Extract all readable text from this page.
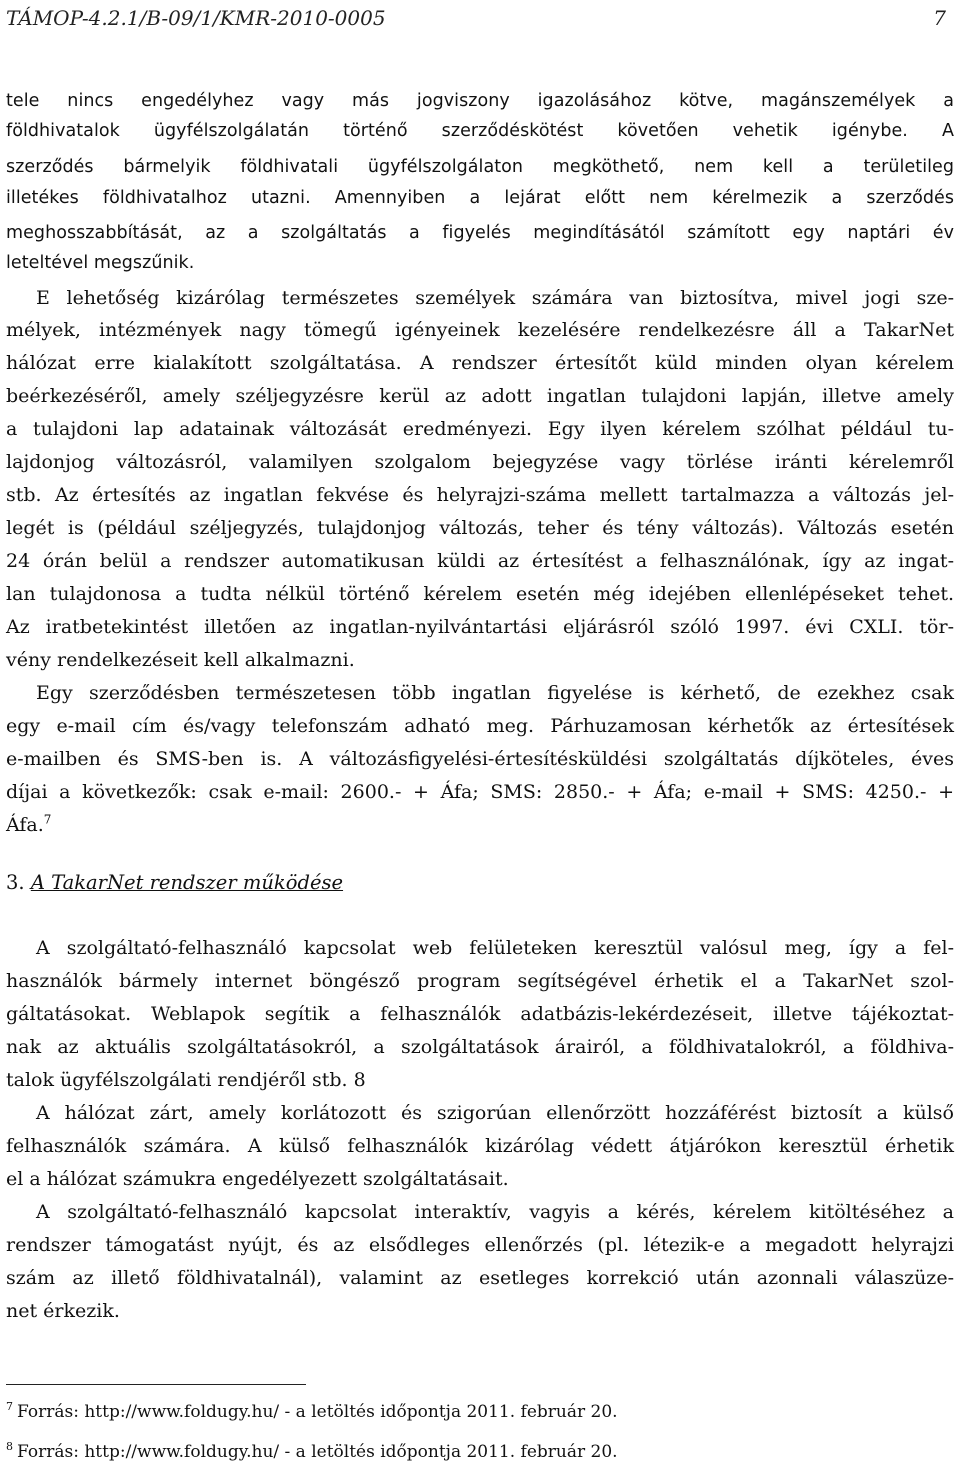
TÁMOP-4.2.1/B-09/1/KMR-2010-0005	7
tele nincs engedélyhez vagy más jogviszony igazolásához kötve, magánszemélyek a
földhivatalok ügyfélszolgálatán történő szerződéskötést követően vehetik igénybe. A
szerződés bármelyik földhivatali ügyfélszolgálaton megköthető, nem kell a területileg
illetékes földhivatalhoz utazni. Amennyiben a lejárat előtt nem kérelmezik a szerződés
meghosszabbítását, az a szolgáltatás a figyelés megindításától számított egy naptári év
leteltével megszűnik.
E lehetőség kizárólag természetes személyek számára van biztosítva, mivel jogi sze-
mélyek, intézmények nagy tömegű igényeinek kezelésére rendelkezésre áll a TakarNet
hálózat erre kialakított szolgáltatása. A rendszer értesítőt küld minden olyan kérelem
beérkezéséről, amely széljegyzésre kerül az adott ingatlan tulajdoni lapján, illetve amely
a tulajdoni lap adatainak változását eredményezi. Egy ilyen kérelem szólhat például tu-
lajdonjog változásról, valamilyen szolgalom bejegyzése vagy törlése iránti kérelemről
stb. Az értesítés az ingatlan fekvése és helyrajzi-száma mellett tartalmazza a változás jel-
legét is (például széljegyzés, tulajdonjog változás, teher és tény változás). Változás esetén
24 órán belül a rendszer automatikusan küldi az értesítést a felhasználónak, így az ingat-
lan tulajdonosa a tudta nélkül történő kérelem esetén még idejében ellenlépéseket tehet.
Az iratbetekintést illetően az ingatlan-nyilvántartási eljárásról szóló 1997. évi CXLI. tör-
vény rendelkezéseit kell alkalmazni.
Egy szerződésben természetesen több ingatlan figyelése is kérhető, de ezekhez csak
egy e-mail cím és/vagy telefonszám adható meg. Párhuzamosan kérhetők az értesítések
e-mailben és SMS-ben is. A változásfigyelési-értesítésküldési szolgáltatás díjköteles, éves
díjai a következők: csak e-mail: 2600.- + Áfa; SMS: 2850.- + Áfa; e-mail + SMS: 4250.- +
Áfa.$^7$
3. A TakarNet rendszer működése
A szolgáltató-felhasználó kapcsolat web felületeken keresztül valósul meg, így a fel-
használók bármely internet böngésző program segítségével érhetik el a TakarNet szol-
gáltatásokat. Weblapok segítik a felhasználók adatbázis-lekérdezéseit, illetve tájékoztat-
nak az aktuális szolgáltatásokról, a szolgáltatások árairól, a földhivatalokról, a földhiva-
talok ügyfélszolgálati rendjéről stb. 8
A hálózat zárt, amely korlátozott és szigorúan ellenőrzött hozzáférést biztosít a külső
felhasználók számára. A külső felhasználók kizárólag védett átjárókon keresztül érhetik
el a hálózat számukra engedélyezett szolgáltatásait.
A szolgáltató-felhasználó kapcsolat interaktív, vagyis a kérés, kérelem kitöltéséhez a
rendszer támogatást nyújt, és az elsődleges ellenőrzés (pl. létezik-e a megadott helyrajzi
szám az illető földhivatalnál), valamint az esetleges korrekció után azonnali válaszüze-
net érkezik.
$^7$ Forrás: http://www.foldugy.hu/ - a letöltés időpontja 2011. február 20.
$^8$ Forrás: http://www.foldugy.hu/ - a letöltés időpontja 2011. február 20.
